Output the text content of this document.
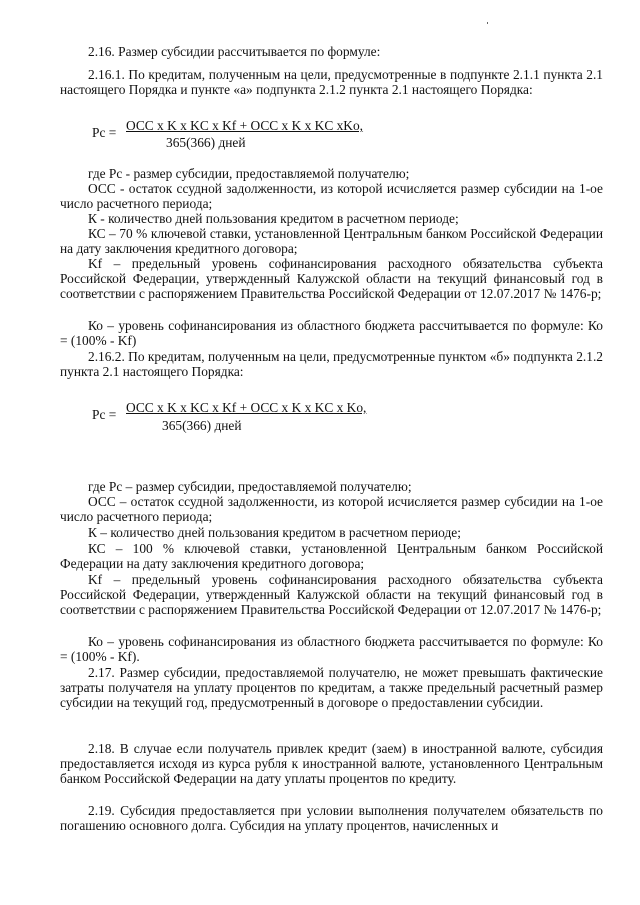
2.16. Размер субсидии рассчитывается по формуле:

2.16.1. По кредитам, полученным на цели, предусмотренные в подпункте 2.1.1 пункта 2.1 настоящего Порядка и пункте «а» подпункта 2.1.2 пункта 2.1 настоящего Порядка:

Pc = ОСС x K x KC x Kf + ОСС x K x KC xKo,
365(366) дней

где Рс - размер субсидии, предоставляемой получателю;

ОСС - остаток ссудной задолженности, из которой исчисляется размер субсидии на 1-ое число расчетного периода;

К - количество дней пользования кредитом в расчетном периоде;

КС – 70 % ключевой ставки, установленной Центральным банком Российской Федерации на дату заключения кредитного договора;

Kf – предельный уровень софинансирования расходного обязательства субъекта Российской Федерации, утвержденный Калужской области на текущий финансовый год в соответствии с распоряжением Правительства Российской Федерации от 12.07.2017 № 1476-р;

Ко – уровень софинансирования из областного бюджета рассчитывается по формуле: Ко = (100% - Kf)

2.16.2. По кредитам, полученным на цели, предусмотренные пунктом «б» подпункта 2.1.2 пункта 2.1 настоящего Порядка:

Pc = ОСС x K x KC x Kf + ОСС x K x KC x Ko,
365(366) дней

где Рс – размер субсидии, предоставляемой получателю;

ОСС – остаток ссудной задолженности, из которой исчисляется размер субсидии на 1-ое число расчетного периода;

К – количество дней пользования кредитом в расчетном периоде;

КС – 100 % ключевой ставки, установленной Центральным банком Российской Федерации на дату заключения кредитного договора;

Kf – предельный уровень софинансирования расходного обязательства субъекта Российской Федерации, утвержденный Калужской области на текущий финансовый год в соответствии с распоряжением Правительства Российской Федерации от 12.07.2017 № 1476-р;

Ко – уровень софинансирования из областного бюджета рассчитывается по формуле: Ко = (100% - Kf).

2.17. Размер субсидии, предоставляемой получателю, не может превышать фактические затраты получателя на уплату процентов по кредитам, а также предельный расчетный размер субсидии на текущий год, предусмотренный в договоре о предоставлении субсидии.

2.18. В случае если получатель привлек кредит (заем) в иностранной валюте, субсидия предоставляется исходя из курса рубля к иностранной валюте, установленного Центральным банком Российской Федерации на дату уплаты процентов по кредиту.

2.19. Субсидия предоставляется при условии выполнения получателем обязательств по погашению основного долга. Субсидия на уплату процентов, начисленных и
